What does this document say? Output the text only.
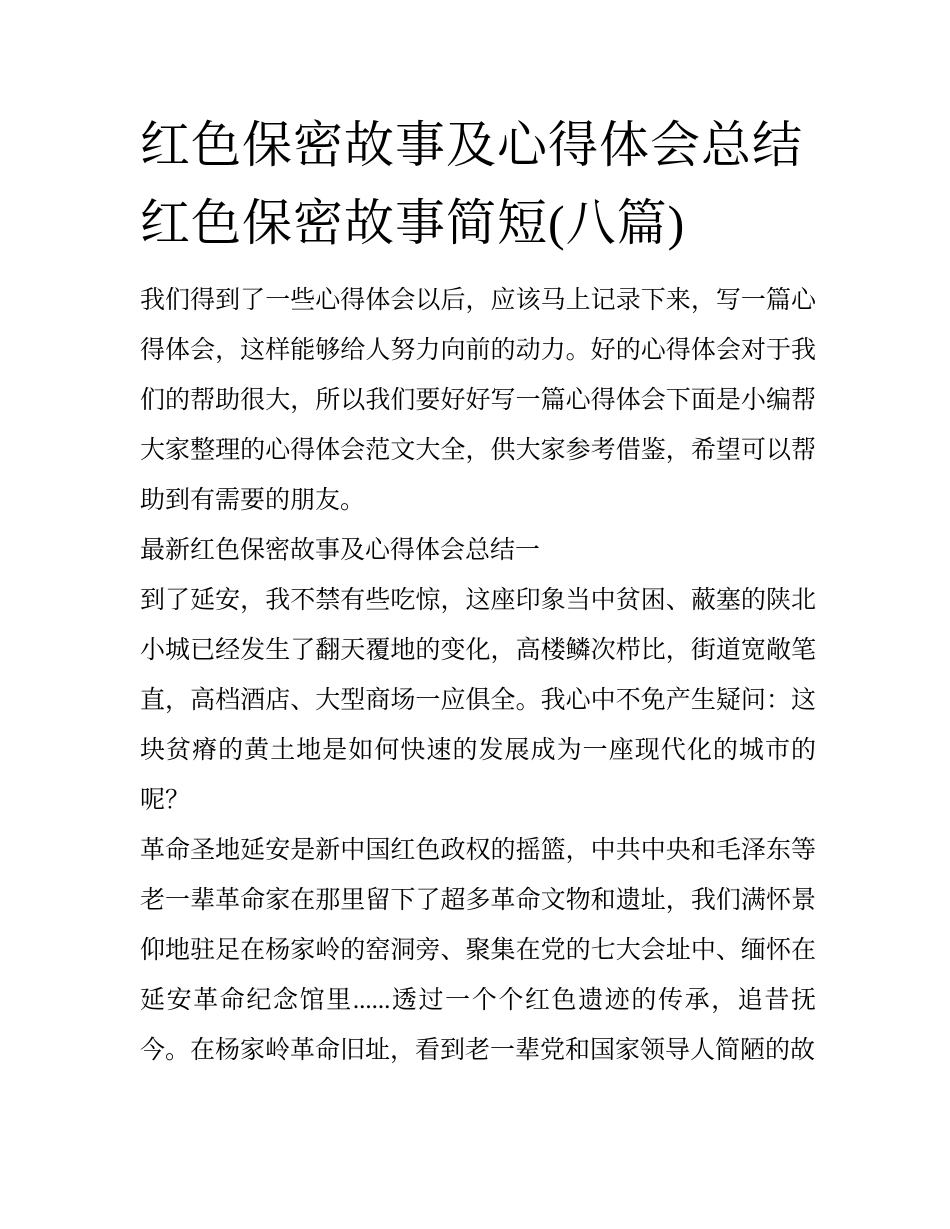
红色保密故事及心得体会总结
红色保密故事简短(八篇)

我们得到了一些心得体会以后，应该马上记录下来，写一篇心得体会，这样能够给人努力向前的动力。好的心得体会对于我们的帮助很大，所以我们要好好写一篇心得体会下面是小编帮大家整理的心得体会范文大全，供大家参考借鉴，希望可以帮助到有需要的朋友。

最新红色保密故事及心得体会总结一

到了延安，我不禁有些吃惊，这座印象当中贫困、蔽塞的陕北小城已经发生了翻天覆地的变化，高楼鳞次栉比，街道宽敞笔直，高档酒店、大型商场一应俱全。我心中不免产生疑问：这块贫瘠的黄土地是如何快速的发展成为一座现代化的城市的呢？

革命圣地延安是新中国红色政权的摇篮，中共中央和毛泽东等老一辈革命家在那里留下了超多革命文物和遗址，我们满怀景仰地驻足在杨家岭的窑洞旁、聚集在党的七大会址中、缅怀在延安革命纪念馆里......透过一个个红色遗迹的传承，追昔抚今。在杨家岭革命旧址，看到老一辈党和国家领导人简陋的故
